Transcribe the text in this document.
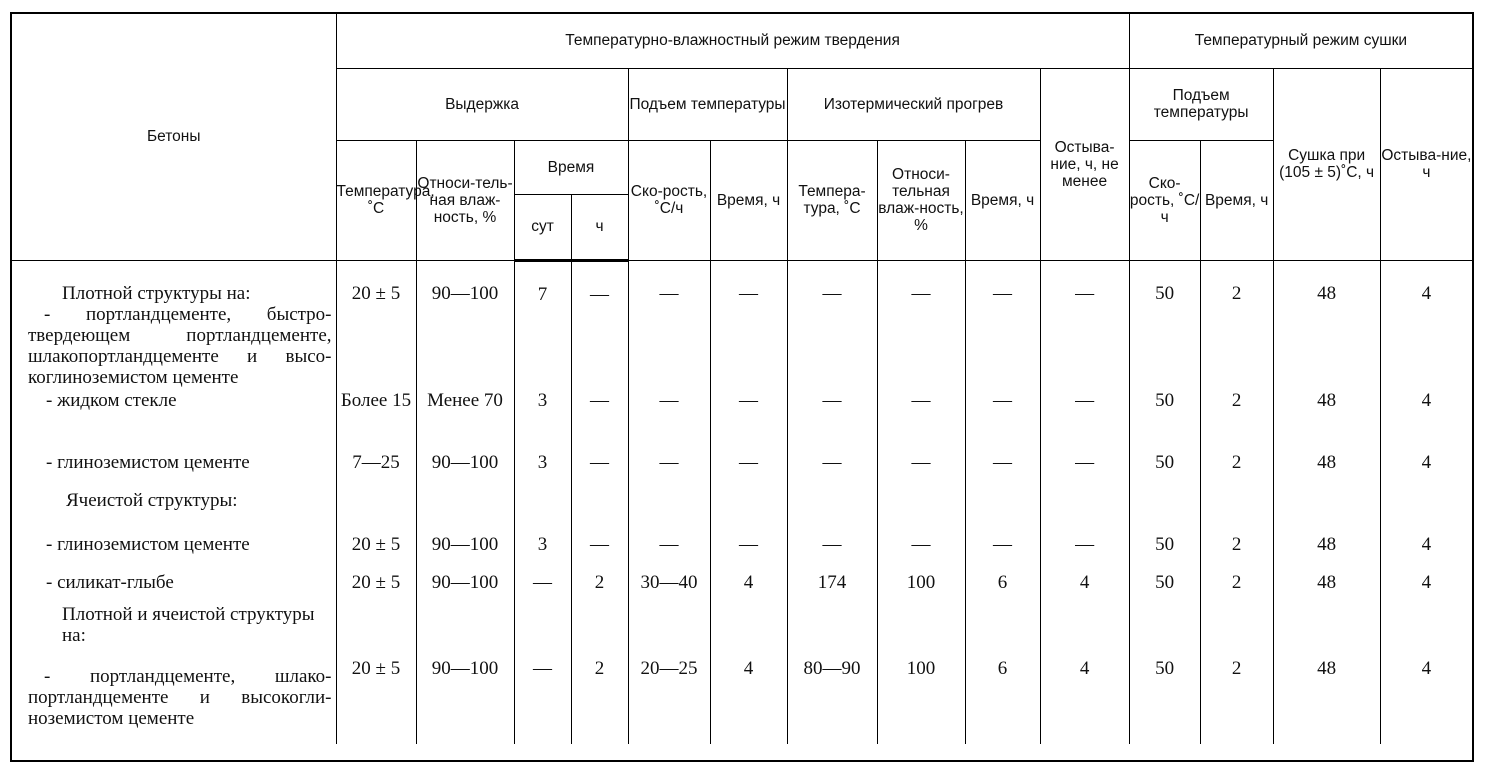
Бетоны	Температурно-влажностный режим твердения										Температурный режим сушки			
	Выдержка				Подъем температуры		Изотермический прогрев			Остыва-ние, ч, не менее	Подъем температуры		Сушка при (105 ± 5)˚С, ч	Остыва-ние, ч
	Температура, ˚С	Относи-тель-ная влаж-ность, %	Время		Ско-рость, ˚С/ч	Время, ч	Темпера-тура, ˚С	Относи-тельная влаж-ность, %	Время, ч		Ско-рость, ˚С/ч	Время, ч		
			сут	ч										

Плотной структуры на:
- портландцементе, быстро-твердеющем портландцементе, шлакопортландцементе и высо-коглиноземистом цементе	20 ± 5	90—100	7	—	—	—	—	—	—	—	50	2	48	4

- жидком стекле	Более 15	Менее 70	3	—	—	—	—	—	—	—	50	2	48	4

- глиноземистом цементе	7—25	90—100	3	—	—	—	—	—	—	—	50	2	48	4

Ячеистой структуры:														

- глиноземистом цементе	20 ± 5	90—100	3	—	—	—	—	—	—	—	50	2	48	4

- силикат-глыбе	20 ± 5	90—100	—	2	30—40	4	174	100	6	4	50	2	48	4

Плотной и ячеистой структуры на:
- портландцементе, шлако-портландцементе и высокогли-ноземистом цементе	20 ± 5	90—100	—	2	20—25	4	80—90	100	6	4	50	2	48	4
